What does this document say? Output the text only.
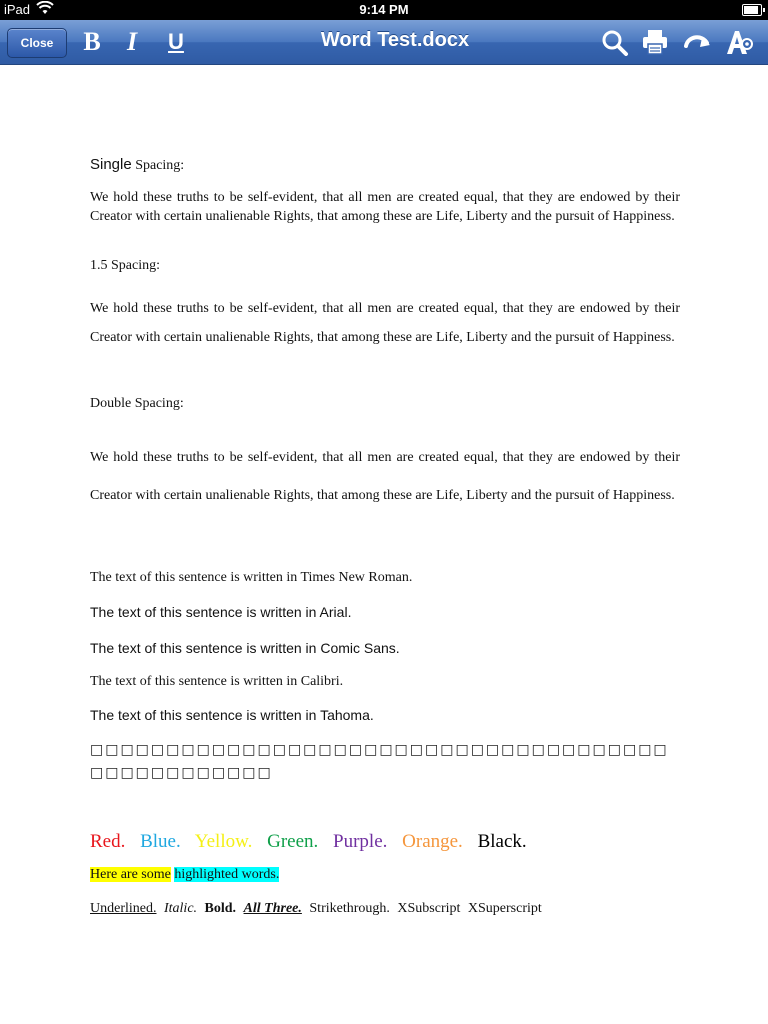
iPad	9:14 PM
Close	B	I	U	Word Test.docx
Single Spacing:

We hold these truths to be self-evident, that all men are created equal, that they are endowed by their Creator with certain unalienable Rights, that among these are Life, Liberty and the pursuit of Happiness.

1.5 Spacing:

We hold these truths to be self-evident, that all men are created equal, that they are endowed by their Creator with certain unalienable Rights, that among these are Life, Liberty and the pursuit of Happiness.

Double Spacing:

We hold these truths to be self-evident, that all men are created equal, that they are endowed by their Creator with certain unalienable Rights, that among these are Life, Liberty and the pursuit of Happiness.

The text of this sentence is written in Times New Roman.
The text of this sentence is written in Arial.
The text of this sentence is written in Comic Sans.
The text of this sentence is written in Calibri.
The text of this sentence is written in Tahoma.
□□□□□□□□□□□□□□□□□□□□□□□□□□□□□□□□□□□□□□□□□□□□□□□□□□
Red. Blue. Yellow. Green. Purple. Orange. Black.
Here are some highlighted words.
Underlined. Italic. Bold. All Three. Strikethrough. XSubscript XSuperscript
